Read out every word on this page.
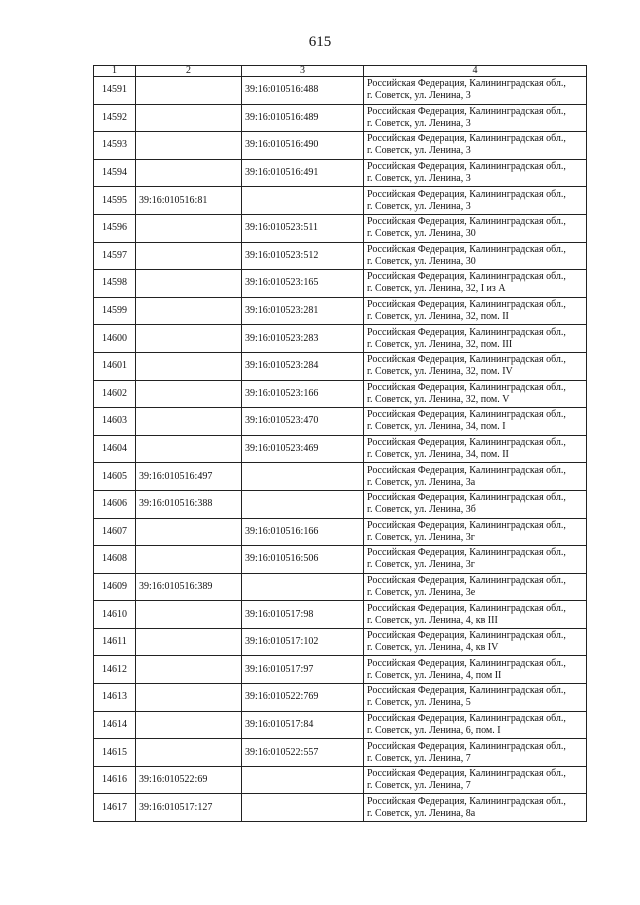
615
1	2	3	4
14591		39:16:010516:488	Российская Федерация, Калининградская обл.,
г. Советск, ул. Ленина, 3

14592		39:16:010516:489	Российская Федерация, Калининградская обл.,
г. Советск, ул. Ленина, 3

14593		39:16:010516:490	Российская Федерация, Калининградская обл.,
г. Советск, ул. Ленина, 3

14594		39:16:010516:491	Российская Федерация, Калининградская обл.,
г. Советск, ул. Ленина, 3

14595	39:16:010516:81		Российская Федерация, Калининградская обл.,
г. Советск, ул. Ленина, 3

14596		39:16:010523:511	Российская Федерация, Калининградская обл.,
г. Советск, ул. Ленина, 30

14597		39:16:010523:512	Российская Федерация, Калининградская обл.,
г. Советск, ул. Ленина, 30

14598		39:16:010523:165	Российская Федерация, Калининградская обл.,
г. Советск, ул. Ленина, 32, I из А

14599		39:16:010523:281	Российская Федерация, Калининградская обл.,
г. Советск, ул. Ленина, 32, пом. II

14600		39:16:010523:283	Российская Федерация, Калининградская обл.,
г. Советск, ул. Ленина, 32, пом. III

14601		39:16:010523:284	Российская Федерация, Калининградская обл.,
г. Советск, ул. Ленина, 32, пом. IV

14602		39:16:010523:166	Российская Федерация, Калининградская обл.,
г. Советск, ул. Ленина, 32, пом. V

14603		39:16:010523:470	Российская Федерация, Калининградская обл.,
г. Советск, ул. Ленина, 34, пом. I

14604		39:16:010523:469	Российская Федерация, Калининградская обл.,
г. Советск, ул. Ленина, 34, пом. II

14605	39:16:010516:497		Российская Федерация, Калининградская обл.,
г. Советск, ул. Ленина, 3а

14606	39:16:010516:388		Российская Федерация, Калининградская обл.,
г. Советск, ул. Ленина, 3б

14607		39:16:010516:166	Российская Федерация, Калининградская обл.,
г. Советск, ул. Ленина, 3г

14608		39:16:010516:506	Российская Федерация, Калининградская обл.,
г. Советск, ул. Ленина, 3г

14609	39:16:010516:389		Российская Федерация, Калининградская обл.,
г. Советск, ул. Ленина, 3е

14610		39:16:010517:98	Российская Федерация, Калининградская обл.,
г. Советск, ул. Ленина, 4, кв III

14611		39:16:010517:102	Российская Федерация, Калининградская обл.,
г. Советск, ул. Ленина, 4, кв IV

14612		39:16:010517:97	Российская Федерация, Калининградская обл.,
г. Советск, ул. Ленина, 4, пом II

14613		39:16:010522:769	Российская Федерация, Калининградская обл.,
г. Советск, ул. Ленина, 5

14614		39:16:010517:84	Российская Федерация, Калининградская обл.,
г. Советск, ул. Ленина, 6, пом. I

14615		39:16:010522:557	Российская Федерация, Калининградская обл.,
г. Советск, ул. Ленина, 7

14616	39:16:010522:69		Российская Федерация, Калининградская обл.,
г. Советск, ул. Ленина, 7

14617	39:16:010517:127		Российская Федерация, Калининградская обл.,
г. Советск, ул. Ленина, 8а
